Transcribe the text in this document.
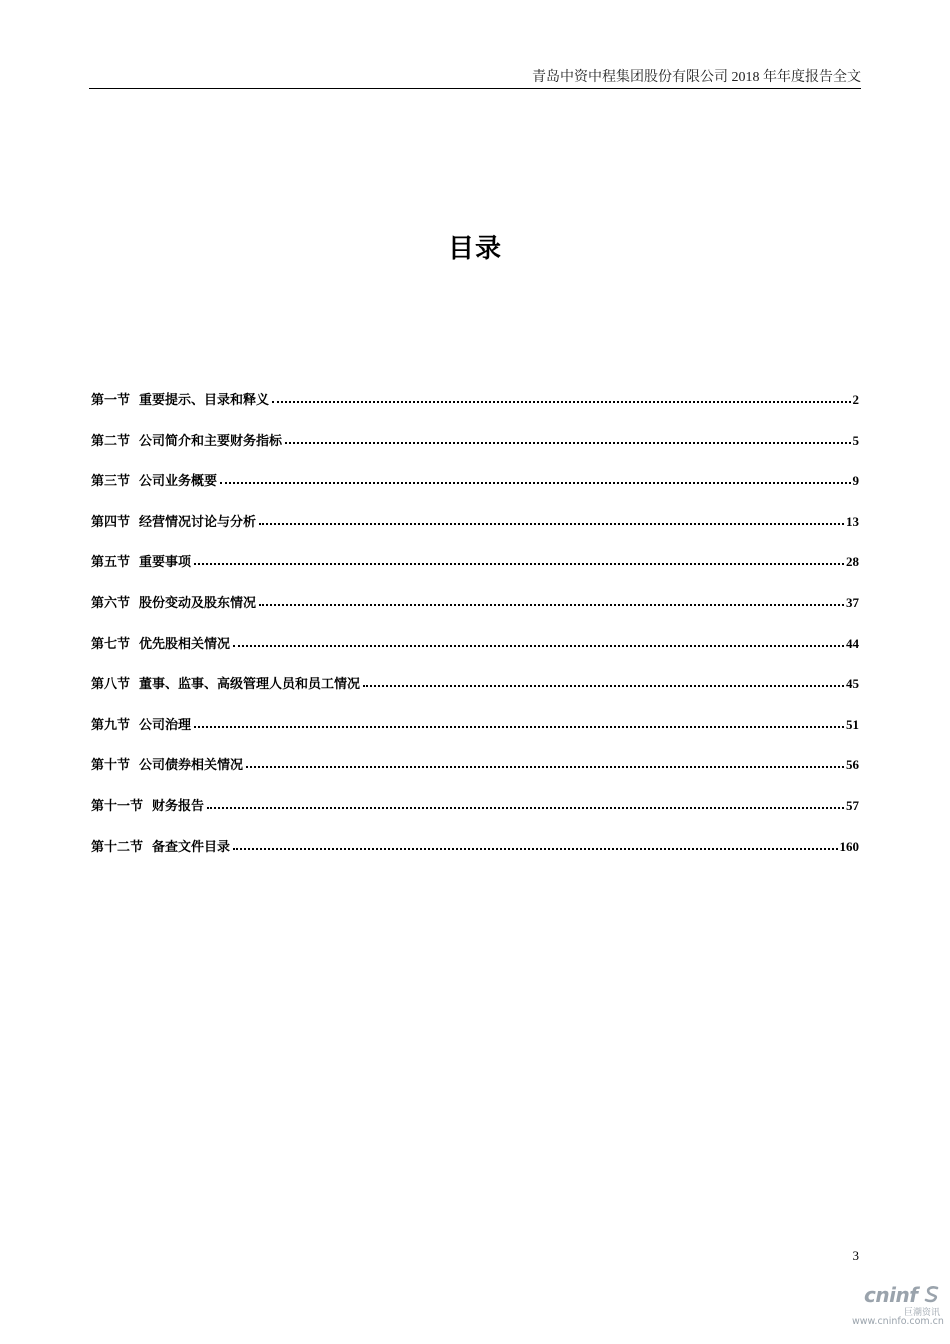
青岛中资中程集团股份有限公司 2018 年年度报告全文
目录
第一节 重要提示、目录和释义	2
第二节 公司简介和主要财务指标	5
第三节 公司业务概要	9
第四节 经营情况讨论与分析	13
第五节 重要事项	28
第六节 股份变动及股东情况	37
第七节 优先股相关情况	44
第八节 董事、监事、高级管理人员和员工情况	45
第九节 公司治理	51
第十节 公司债券相关情况	56
第十一节 财务报告	57
第十二节 备查文件目录	160
3
cninf
巨潮资讯
www.cninfo.com.cn
